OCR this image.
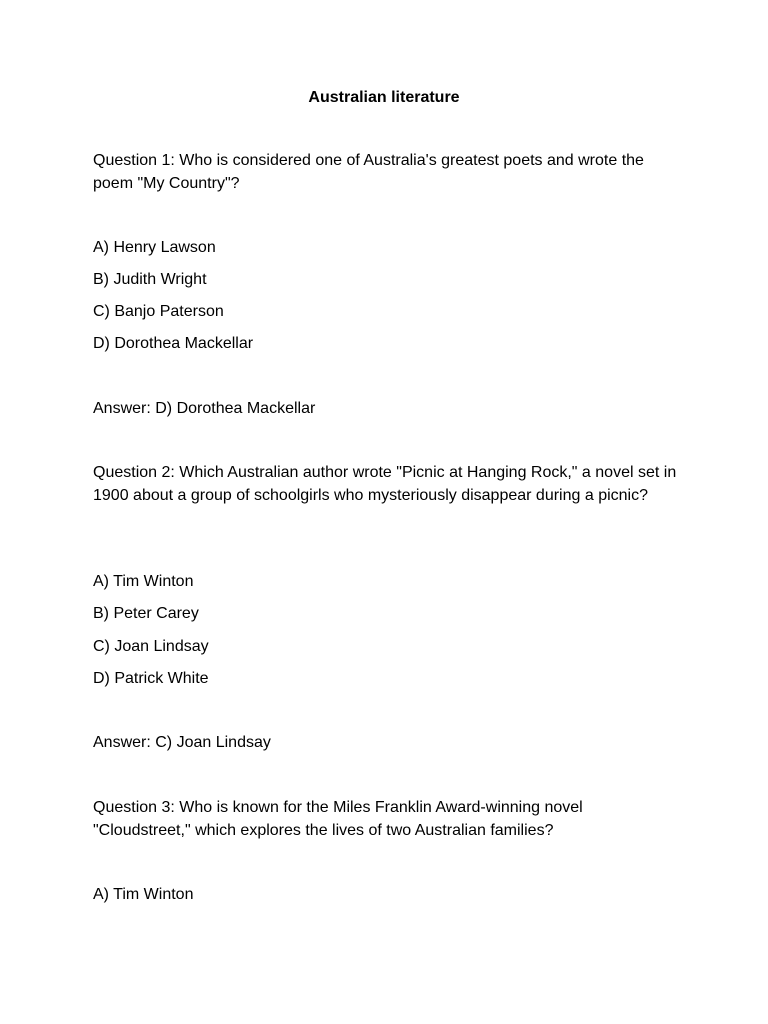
Australian literature
Question 1: Who is considered one of Australia's greatest poets and wrote the poem "My Country"?
A) Henry Lawson
B) Judith Wright
C) Banjo Paterson
D) Dorothea Mackellar
Answer: D) Dorothea Mackellar
Question 2: Which Australian author wrote "Picnic at Hanging Rock," a novel set in 1900 about a group of schoolgirls who mysteriously disappear during a picnic?
A) Tim Winton
B) Peter Carey
C) Joan Lindsay
D) Patrick White
Answer: C) Joan Lindsay
Question 3: Who is known for the Miles Franklin Award-winning novel "Cloudstreet," which explores the lives of two Australian families?
A) Tim Winton
